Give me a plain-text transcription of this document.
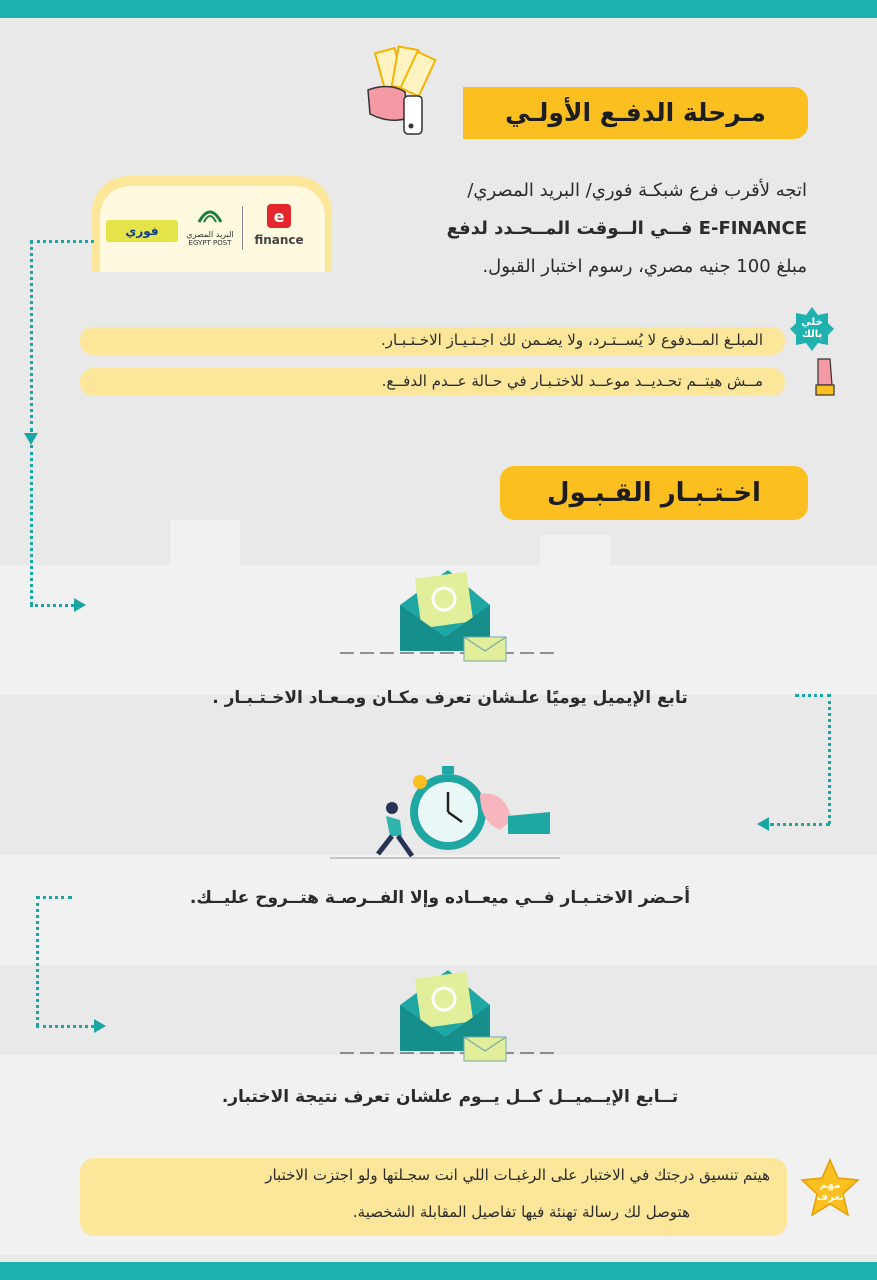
مـرحلة الدفـع الأولـي
فوري	البريد المصري
EGYPT POST
e
finance
اتجه لأقرب فرع شبكـة فوري/ البريد المصري/
E-FINANCE فــي الــوقت المــحـدد لدفع
مبلغ 100 جنيه مصري، رسوم اختبار القبول.
خلي بالك
المبلـغ المــدفوع لا يُســتـرد، ولا يضـمن لك اجـتـيـاز الاخـتـبـار.
مــش هيتــم تحـديــد موعــد للاختـبـار في حـالة عــدم الدفــع.
اخـتـبـار القـبـول
تابع الإيميل يوميًا علـشان تعرف مكـان ومـعـاد الاخـتـبـار .
أحـضر الاختـبـار فــي ميعــاده وإلا الفــرصـة هتــروح عليــك.
تــابع الإيــميــل كــل يــوم علشان تعرف نتيجة الاختبار.
هيتم تنسيق درجتك في الاختبار على الرغبـات اللي انت سجـلتها ولو اجتزت الاختبار
هتوصل لك رسالة تهنئة فيها تفاصيل المقابلة الشخصية.
مهم تعرف
